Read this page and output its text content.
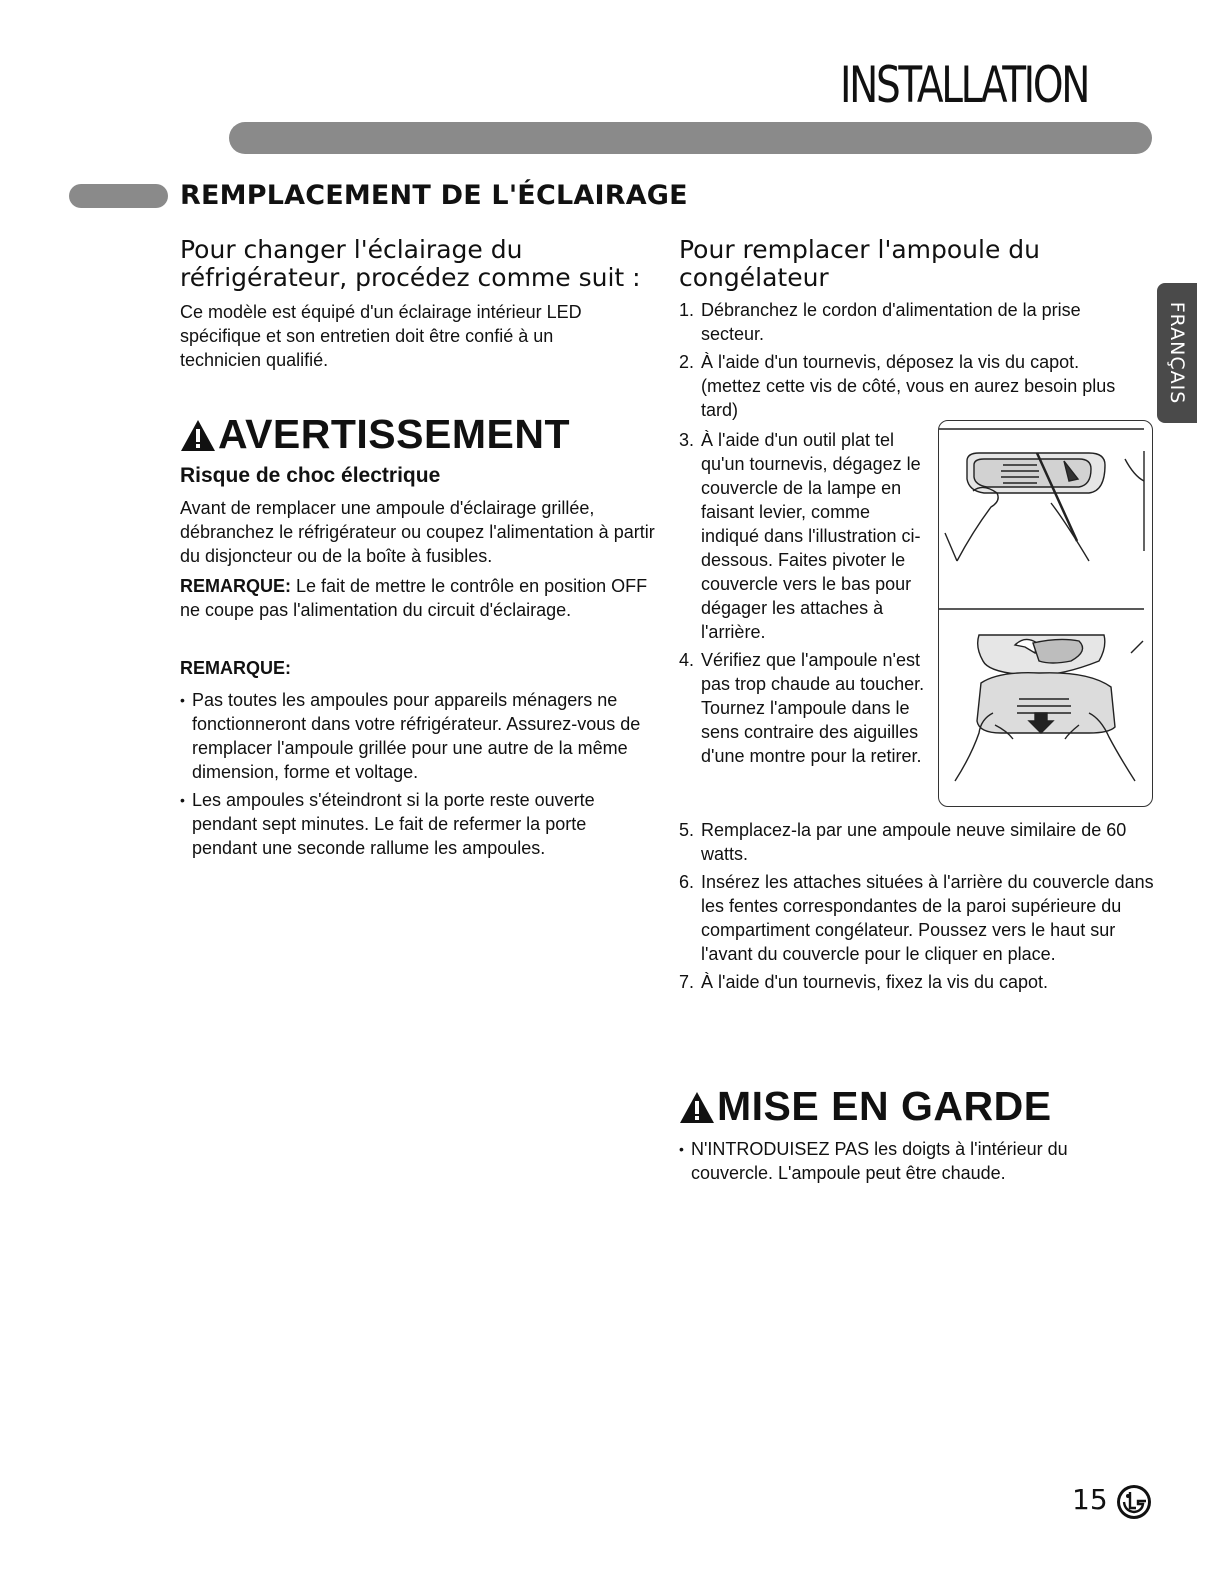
INSTALLATION
REMPLACEMENT DE L'ÉCLAIRAGE
FRANÇAIS
Pour changer l'éclairage du réfrigérateur, procédez comme suit :
Ce modèle est équipé d'un éclairage intérieur LED spécifique et son entretien doit être confié à un technicien qualifié.
AVERTISSEMENT
Risque de choc électrique
Avant de remplacer une ampoule d'éclairage grillée, débranchez le réfrigérateur ou coupez l'alimentation à partir du disjoncteur ou de la boîte à fusibles.
REMARQUE: Le fait de mettre le contrôle en position OFF ne coupe pas l'alimentation du circuit d'éclairage.
REMARQUE:
• Pas toutes les ampoules pour appareils ménagers ne fonctionneront dans votre réfrigérateur. Assurez-vous de remplacer l'ampoule grillée pour une autre de la même dimension, forme et voltage.
• Les ampoules s'éteindront si la porte reste ouverte pendant sept minutes. Le fait de refermer la porte pendant une seconde rallume les ampoules.
Pour remplacer l'ampoule du congélateur
1. Débranchez le cordon d'alimentation de la prise secteur.
2. À l'aide d'un tournevis, déposez la vis du capot. (mettez cette vis de côté, vous en aurez besoin plus tard)
3. À l'aide d'un outil plat tel qu'un tournevis, dégagez le couvercle de la lampe en faisant levier, comme indiqué dans l'illustration ci-dessous. Faites pivoter le couvercle vers le bas pour dégager les attaches à l'arrière.
4. Vérifiez que l'ampoule n'est pas trop chaude au toucher. Tournez l'ampoule dans le sens contraire des aiguilles d'une montre pour la retirer.
5. Remplacez-la par une ampoule neuve similaire de 60 watts.
6. Insérez les attaches situées à l'arrière du couvercle dans les fentes correspondantes de la paroi supérieure du compartiment congélateur. Poussez vers le haut sur l'avant du couvercle pour le cliquer en place.
7. À l'aide d'un tournevis, fixez la vis du capot.
MISE EN GARDE
• N'INTRODUISEZ PAS les doigts à l'intérieur du couvercle. L'ampoule peut être chaude.
15
